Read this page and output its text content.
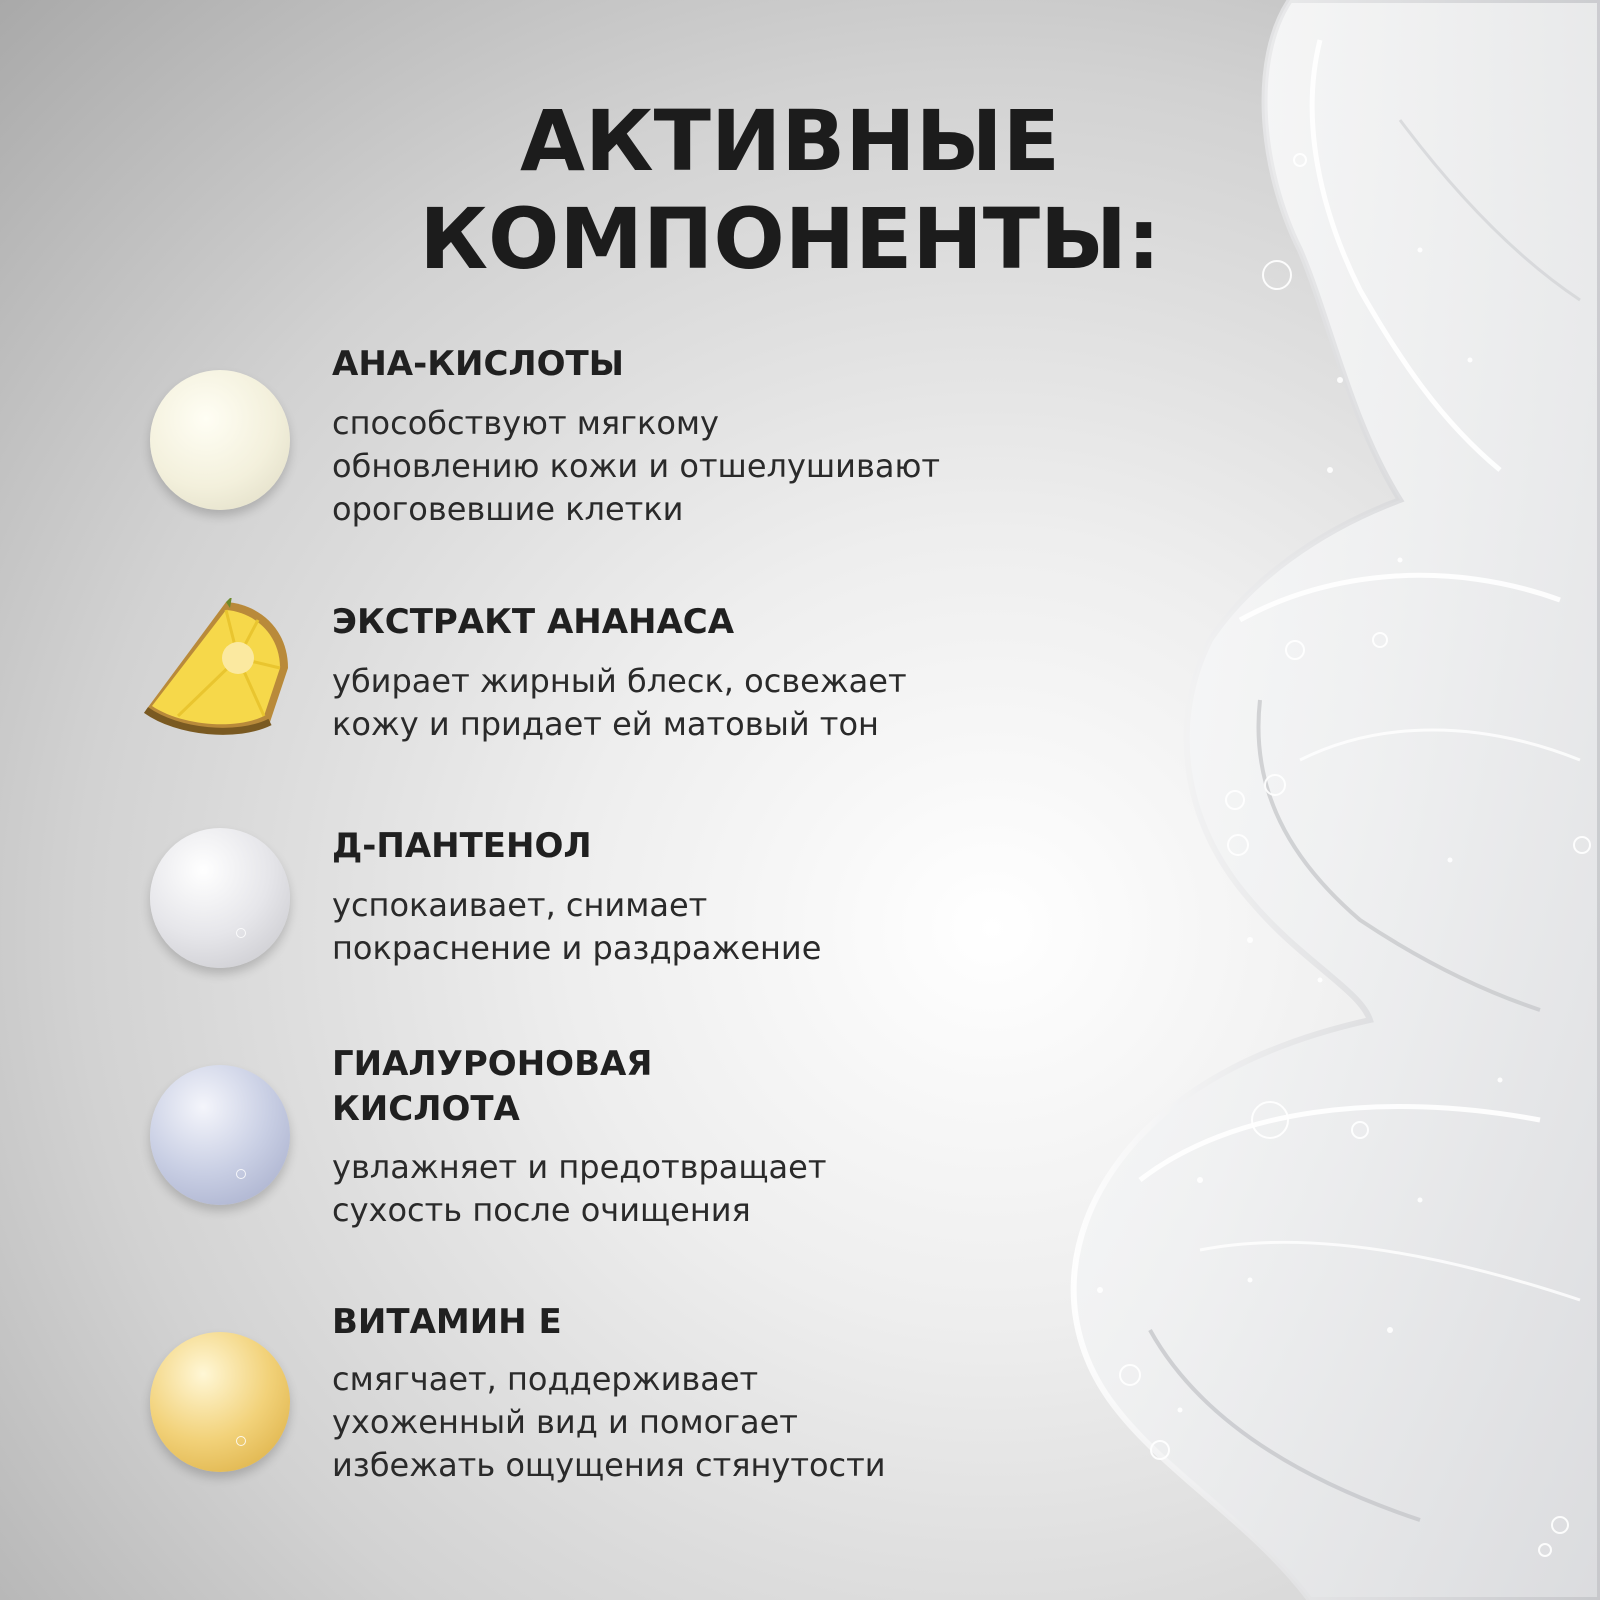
АКТИВНЫЕ
КОМПОНЕНТЫ:
АНА-КИСЛОТЫ
способствуют мягкому
обновлению кожи и отшелушивают
ороговевшие клетки
ЭКСТРАКТ АНАНАСА
убирает жирный блеск, освежает
кожу и придает ей матовый тон
Д-ПАНТЕНОЛ
успокаивает, снимает
покраснение и раздражение
ГИАЛУРОНОВАЯ
КИСЛОТА
увлажняет и предотвращает
сухость после очищения
ВИТАМИН Е
смягчает, поддерживает
ухоженный вид и помогает
избежать ощущения стянутости
